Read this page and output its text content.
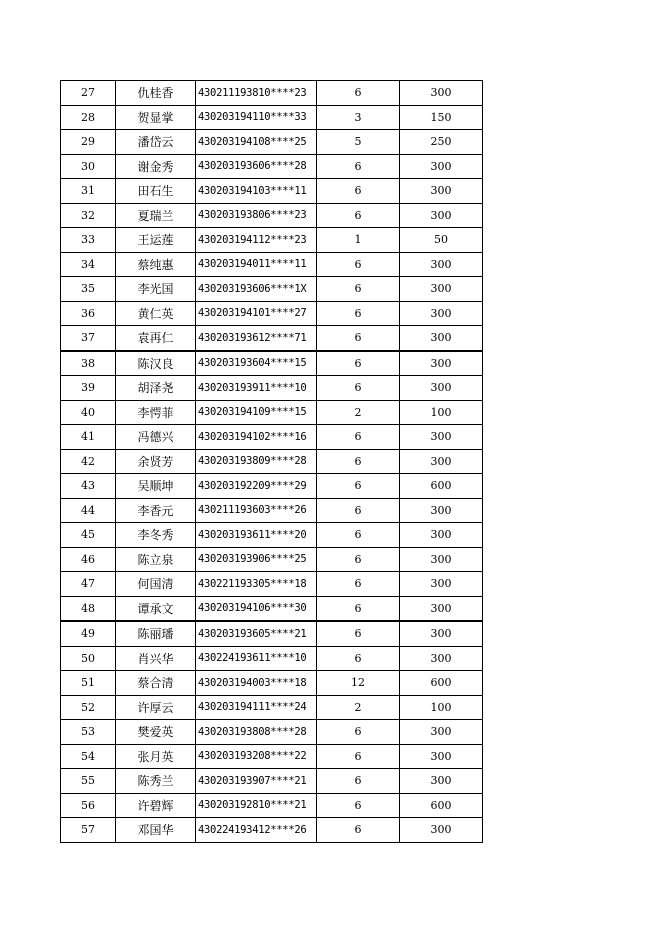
27	仇桂香	430211193810****23	6	300
28	贺显掌	430203194110****33	3	150
29	潘岱云	430203194108****25	5	250
30	谢金秀	430203193606****28	6	300
31	田石生	430203194103****11	6	300
32	夏瑞兰	430203193806****23	6	300
33	王运莲	430203194112****23	1	50
34	蔡纯惠	430203194011****11	6	300
35	李光国	430203193606****1X	6	300
36	黄仁英	430203194101****27	6	300
37	袁再仁	430203193612****71	6	300
38	陈汉良	430203193604****15	6	300
39	胡泽尧	430203193911****10	6	300
40	李愕菲	430203194109****15	2	100
41	冯德兴	430203194102****16	6	300
42	余贤芳	430203193809****28	6	300
43	吴顺坤	430203192209****29	6	600
44	李香元	430211193603****26	6	300
45	李冬秀	430203193611****20	6	300
46	陈立泉	430203193906****25	6	300
47	何国清	430221193305****18	6	300
48	谭承文	430203194106****30	6	300
49	陈丽璠	430203193605****21	6	300
50	肖兴华	430224193611****10	6	300
51	蔡合清	430203194003****18	12	600
52	许厚云	430203194111****24	2	100
53	樊爱英	430203193808****28	6	300
54	张月英	430203193208****22	6	300
55	陈秀兰	430203193907****21	6	300
56	许碧辉	430203192810****21	6	600
57	邓国华	430224193412****26	6	300
